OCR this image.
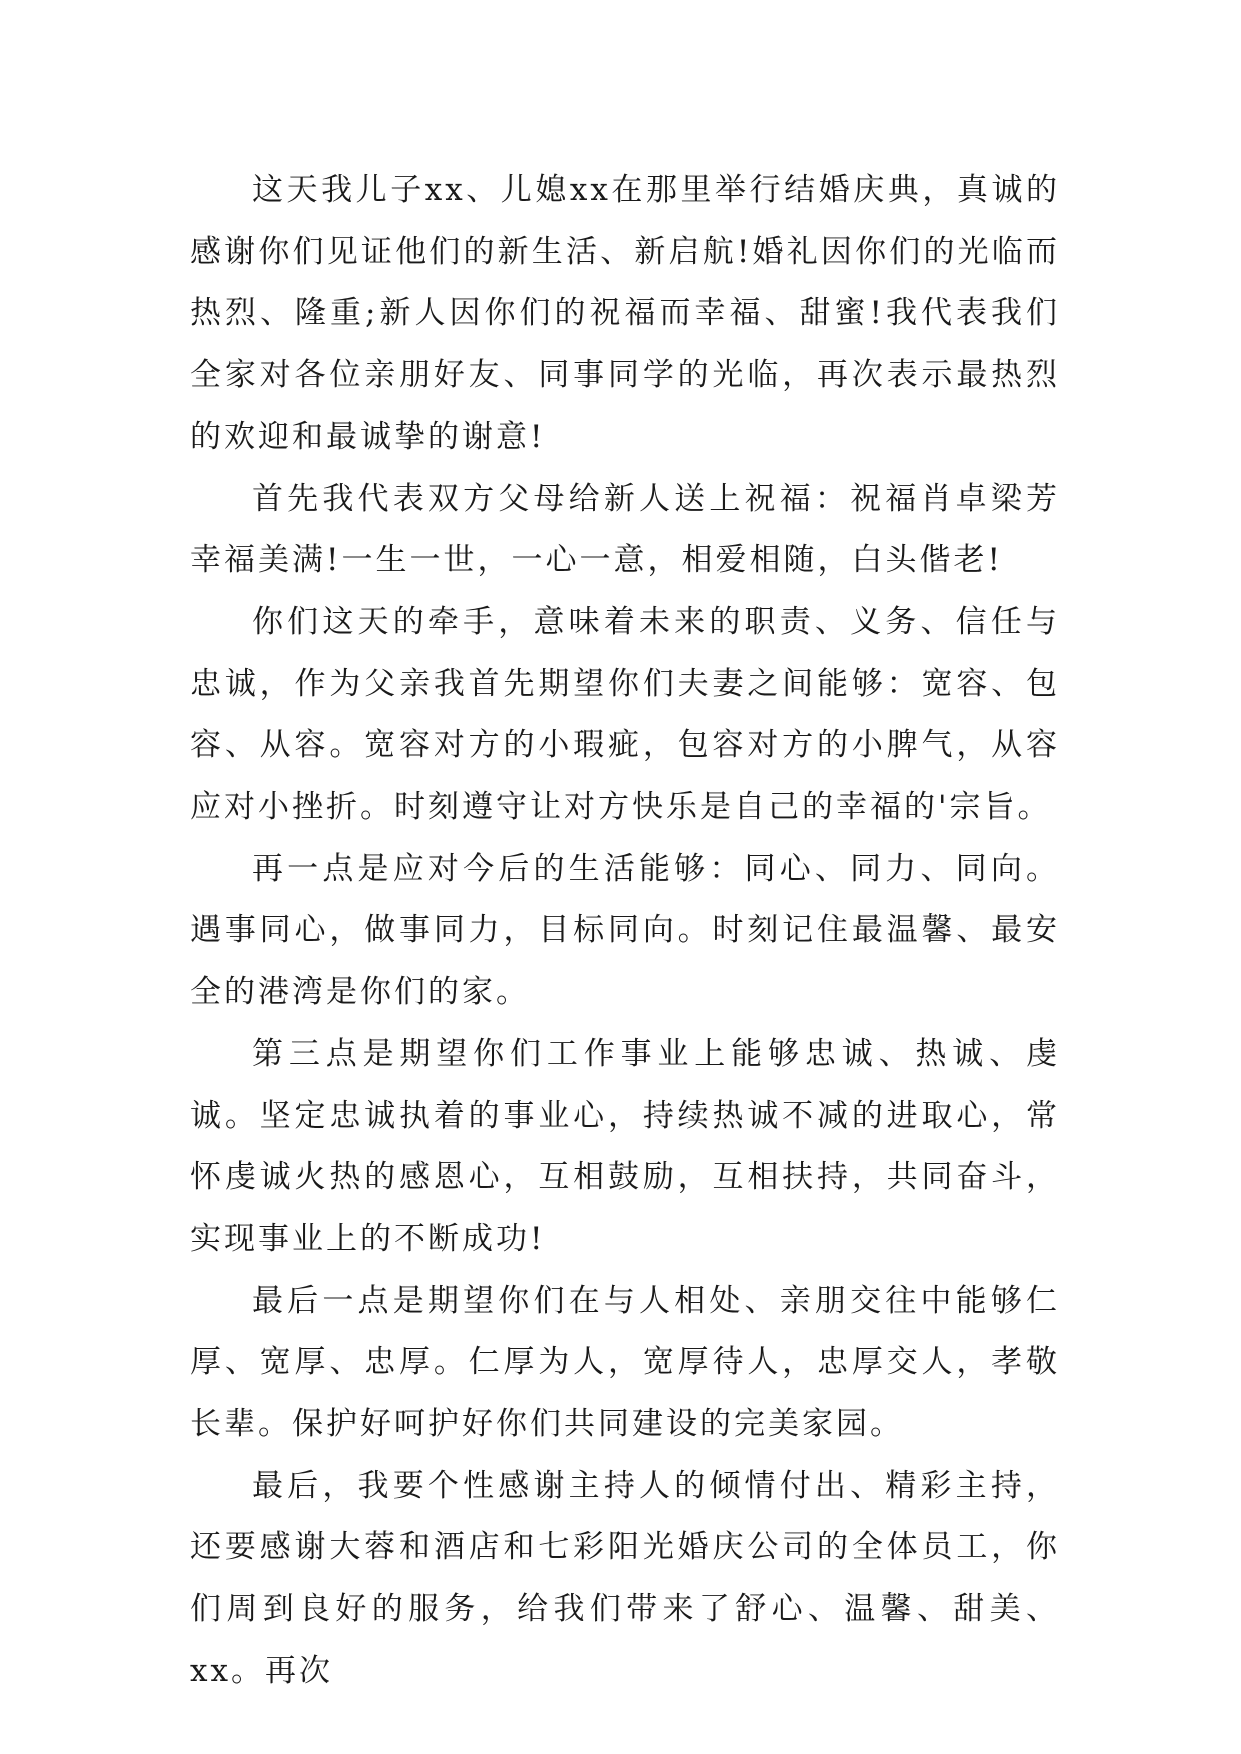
这天我儿子xx、儿媳xx在那里举行结婚庆典，真诚的感谢你们见证他们的新生活、新启航!婚礼因你们的光临而热烈、隆重;新人因你们的祝福而幸福、甜蜜!我代表我们全家对各位亲朋好友、同事同学的光临，再次表示最热烈的欢迎和最诚挚的谢意!

首先我代表双方父母给新人送上祝福：祝福肖卓梁芳幸福美满!一生一世，一心一意，相爱相随，白头偕老!

你们这天的牵手，意味着未来的职责、义务、信任与忠诚，作为父亲我首先期望你们夫妻之间能够：宽容、包容、从容。宽容对方的小瑕疵，包容对方的小脾气，从容应对小挫折。时刻遵守让对方快乐是自己的幸福的'宗旨。

再一点是应对今后的生活能够：同心、同力、同向。遇事同心，做事同力，目标同向。时刻记住最温馨、最安全的港湾是你们的家。

第三点是期望你们工作事业上能够忠诚、热诚、虔诚。坚定忠诚执着的事业心，持续热诚不减的进取心，常怀虔诚火热的感恩心，互相鼓励，互相扶持，共同奋斗，实现事业上的不断成功!

最后一点是期望你们在与人相处、亲朋交往中能够仁厚、宽厚、忠厚。仁厚为人，宽厚待人，忠厚交人，孝敬长辈。保护好呵护好你们共同建设的完美家园。

最后，我要个性感谢主持人的倾情付出、精彩主持，还要感谢大蓉和酒店和七彩阳光婚庆公司的全体员工，你们周到良好的服务，给我们带来了舒心、温馨、甜美、xx。再次
